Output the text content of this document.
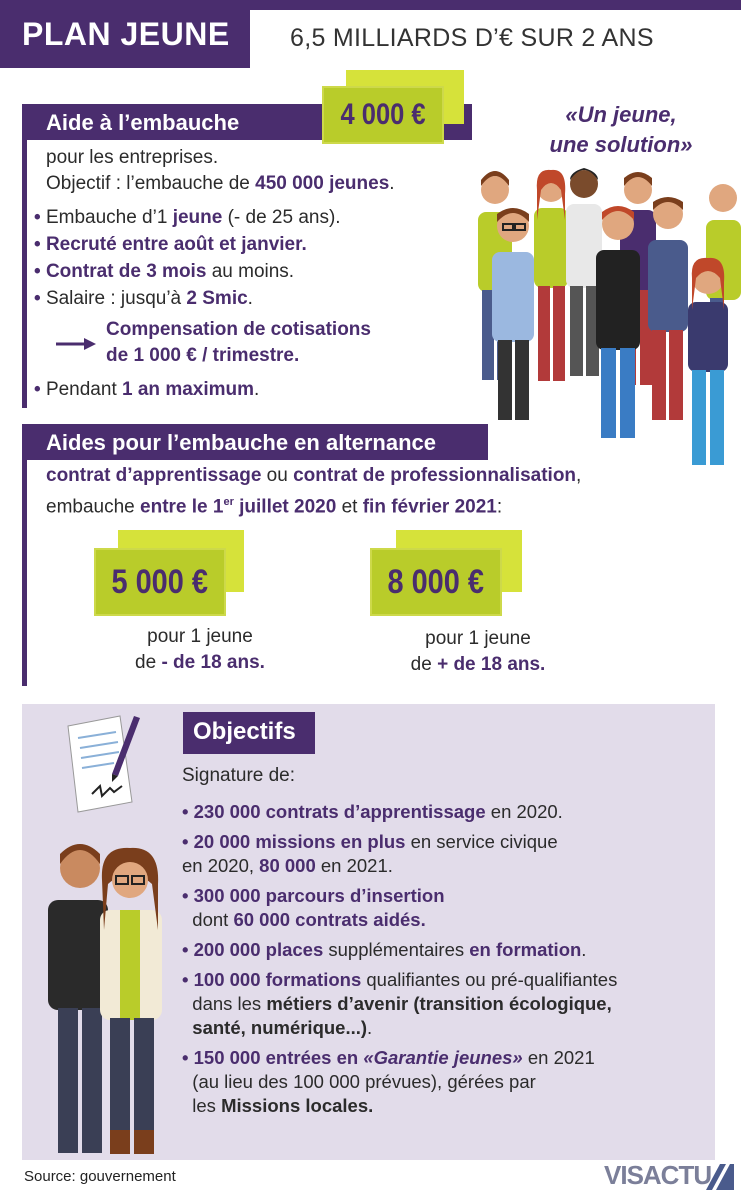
PLAN JEUNE 6,5 MILLIARDS D’€ SUR 2 ANS
Aide à l’embauche	4 000 €
pour les entreprises.
Objectif : l’embauche de 450 000 jeunes.
• Embauche d’1 jeune (- de 25 ans).
• Recruté entre août et janvier.
• Contrat de 3 mois au moins.
• Salaire : jusqu’à 2 Smic.
Compensation de cotisations
de 1 000 € / trimestre.
• Pendant 1 an maximum.
«Un jeune,
une solution»
Aides pour l’embauche en alternance
contrat d’apprentissage ou contrat de professionnalisation,
embauche entre le 1er juillet 2020 et fin février 2021:
5 000 €
pour 1 jeune
de - de 18 ans.
8 000 €
pour 1 jeune
de + de 18 ans.
Objectifs
Signature de:
• 230 000 contrats d’apprentissage en 2020.
• 20 000 missions en plus en service civique
en 2020, 80 000 en 2021.
• 300 000 parcours d’insertion
dont 60 000 contrats aidés.
• 200 000 places supplémentaires en formation.
• 100 000 formations qualifiantes ou pré-qualifiantes
dans les métiers d’avenir (transition écologique,
santé, numérique...).
• 150 000 entrées en «Garantie jeunes» en 2021
(au lieu des 100 000 prévues), gérées par
les Missions locales.
Source: gouvernement	VISACTU
